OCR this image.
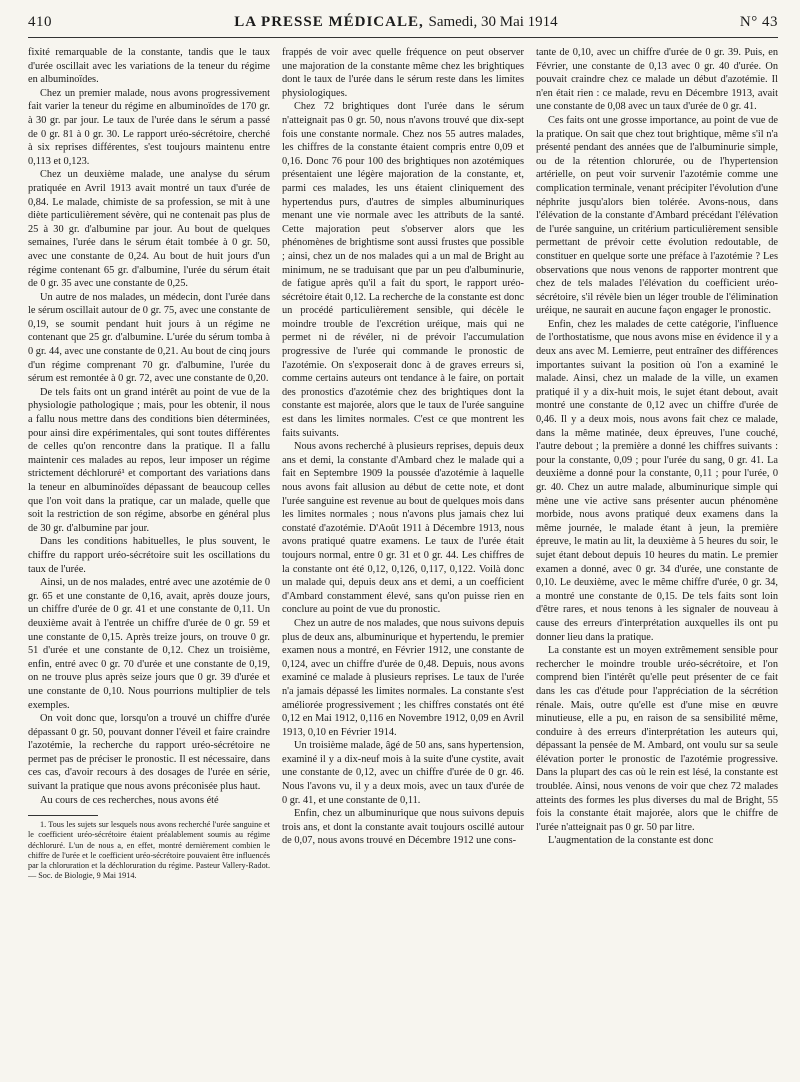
410	LA PRESSE MÉDICALE, Samedi, 30 Mai 1914	N° 43

fixité remarquable de la constante, tandis que le taux d'urée oscillait avec les variations de la teneur du régime en albuminoïdes.

Chez un premier malade, nous avons progressivement fait varier la teneur du régime en albuminoïdes de 170 gr. à 30 gr. par jour. Le taux de l'urée dans le sérum a passé de 0 gr. 81 à 0 gr. 30. Le rapport uréo-sécrétoire, cherché à six reprises différentes, s'est toujours maintenu entre 0,113 et 0,123.

Chez un deuxième malade, une analyse du sérum pratiquée en Avril 1913 avait montré un taux d'urée de 0,84. Le malade, chimiste de sa profession, se mit à une diète particulièrement sévère, qui ne contenait pas plus de 25 à 30 gr. d'albumine par jour. Au bout de quelques semaines, l'urée dans le sérum était tombée à 0 gr. 50, avec une constante de 0,24. Au bout de huit jours d'un régime contenant 65 gr. d'albumine, l'urée du sérum était de 0 gr. 35 avec une constante de 0,25.

Un autre de nos malades, un médecin, dont l'urée dans le sérum oscillait autour de 0 gr. 75, avec une constante de 0,19, se soumit pendant huit jours à un régime ne contenant que 25 gr. d'albumine. L'urée du sérum tomba à 0 gr. 44, avec une constante de 0,21. Au bout de cinq jours d'un régime comprenant 70 gr. d'albumine, l'urée du sérum est remontée à 0 gr. 72, avec une constante de 0,20.

De tels faits ont un grand intérêt au point de vue de la physiologie pathologique ; mais, pour les obtenir, il nous a fallu nous mettre dans des conditions bien déterminées, pour ainsi dire expérimentales, qui sont toutes différentes de celles qu'on rencontre dans la pratique. Il a fallu maintenir ces malades au repos, leur imposer un régime strictement déchloruré¹ et comportant des variations dans la teneur en albuminoïdes dépassant de beaucoup celles que l'on voit dans la pratique, car un malade, quelle que soit la restriction de son régime, absorbe en général plus de 30 gr. d'albumine par jour.

Dans les conditions habituelles, le plus souvent, le chiffre du rapport uréo-sécrétoire suit les oscillations du taux de l'urée.

Ainsi, un de nos malades, entré avec une azotémie de 0 gr. 65 et une constante de 0,16, avait, après douze jours, un chiffre d'urée de 0 gr. 41 et une constante de 0,11. Un deuxième avait à l'entrée un chiffre d'urée de 0 gr. 59 et une constante de 0,15. Après treize jours, on trouve 0 gr. 51 d'urée et une constante de 0,12. Chez un troisième, enfin, entré avec 0 gr. 70 d'urée et une constante de 0,19, on ne trouve plus après seize jours que 0 gr. 39 d'urée et une constante de 0,10. Nous pourrions multiplier de tels exemples.

On voit donc que, lorsqu'on a trouvé un chiffre d'urée dépassant 0 gr. 50, pouvant donner l'éveil et faire craindre l'azotémie, la recherche du rapport uréo-sécrétoire ne permet pas de préciser le pronostic. Il est nécessaire, dans ces cas, d'avoir recours à des dosages de l'urée en série, suivant la pratique que nous avons préconisée plus haut.

Au cours de ces recherches, nous avons été

1. Tous les sujets sur lesquels nous avons recherché l'urée sanguine et le coefficient uréo-sécrétoire étaient préalablement soumis au régime déchloruré. L'un de nous a, en effet, montré dernièrement combien le chiffre de l'urée et le coefficient uréo-sécrétoire pouvaient être influencés par la chloruration et la déchloruration du régime. Pasteur Vallery-Radot. — Soc. de Biologie, 9 Mai 1914.

frappés de voir avec quelle fréquence on peut observer une majoration de la constante même chez les brightiques dont le taux de l'urée dans le sérum reste dans les limites physiologiques.

Chez 72 brightiques dont l'urée dans le sérum n'atteignait pas 0 gr. 50, nous n'avons trouvé que dix-sept fois une constante normale. Chez nos 55 autres malades, les chiffres de la constante étaient compris entre 0,09 et 0,16. Donc 76 pour 100 des brightiques non azotémiques présentaient une légère majoration de la constante, et, parmi ces malades, les uns étaient cliniquement des hypertendus purs, d'autres de simples albuminuriques menant une vie normale avec les attributs de la santé. Cette majoration peut s'observer alors que les phénomènes de brightisme sont aussi frustes que possible ; ainsi, chez un de nos malades qui a un mal de Bright au minimum, ne se traduisant que par un peu d'albuminurie, de fatigue après qu'il a fait du sport, le rapport uréo-sécrétoire était 0,12. La recherche de la constante est donc un procédé particulièrement sensible, qui décèle le moindre trouble de l'excrétion uréique, mais qui ne permet ni de révéler, ni de prévoir l'accumulation progressive de l'urée qui commande le pronostic de l'azotémie. On s'exposerait donc à de graves erreurs si, comme certains auteurs ont tendance à le faire, on portait des pronostics d'azotémie chez des brightiques dont la constante est majorée, alors que le taux de l'urée sanguine est dans les limites normales. C'est ce que montrent les faits suivants.

Nous avons recherché à plusieurs reprises, depuis deux ans et demi, la constante d'Ambard chez le malade qui a fait en Septembre 1909 la poussée d'azotémie à laquelle nous avons fait allusion au début de cette note, et dont l'urée sanguine est revenue au bout de quelques mois dans les limites normales ; nous n'avons plus jamais chez lui constaté d'azotémie. D'Août 1911 à Décembre 1913, nous avons pratiqué quatre examens. Le taux de l'urée était toujours normal, entre 0 gr. 31 et 0 gr. 44. Les chiffres de la constante ont été 0,12, 0,126, 0,117, 0,122. Voilà donc un malade qui, depuis deux ans et demi, a un coefficient d'Ambard constamment élevé, sans qu'on puisse rien en conclure au point de vue du pronostic.

Chez un autre de nos malades, que nous suivons depuis plus de deux ans, albuminurique et hypertendu, le premier examen nous a montré, en Février 1912, une constante de 0,124, avec un chiffre d'urée de 0,48. Depuis, nous avons examiné ce malade à plusieurs reprises. Le taux de l'urée n'a jamais dépassé les limites normales. La constante s'est améliorée progressivement ; les chiffres constatés ont été 0,12 en Mai 1912, 0,116 en Novembre 1912, 0,09 en Avril 1913, 0,10 en Février 1914.

Un troisième malade, âgé de 50 ans, sans hypertension, examiné il y a dix-neuf mois à la suite d'une cystite, avait une constante de 0,12, avec un chiffre d'urée de 0 gr. 46. Nous l'avons vu, il y a deux mois, avec un taux d'urée de 0 gr. 41, et une constante de 0,11.

Enfin, chez un albuminurique que nous suivons depuis trois ans, et dont la constante avait toujours oscillé autour de 0,07, nous avons trouvé en Décembre 1912 une cons-

tante de 0,10, avec un chiffre d'urée de 0 gr. 39. Puis, en Février, une constante de 0,13 avec 0 gr. 40 d'urée. On pouvait craindre chez ce malade un début d'azotémie. Il n'en était rien : ce malade, revu en Décembre 1913, avait une constante de 0,08 avec un taux d'urée de 0 gr. 41.

Ces faits ont une grosse importance, au point de vue de la pratique. On sait que chez tout brightique, même s'il n'a présenté pendant des années que de l'albuminurie simple, ou de la rétention chlorurée, ou de l'hypertension artérielle, on peut voir survenir l'azotémie comme une complication terminale, venant précipiter l'évolution d'une néphrite jusqu'alors bien tolérée. Avons-nous, dans l'élévation de la constante d'Ambard précédant l'élévation de l'urée sanguine, un critérium particulièrement sensible permettant de prévoir cette évolution redoutable, de constituer en quelque sorte une préface à l'azotémie ? Les observations que nous venons de rapporter montrent que chez de tels malades l'élévation du coefficient uréo-sécrétoire, s'il révèle bien un léger trouble de l'élimination uréique, ne saurait en aucune façon engager le pronostic.

Enfin, chez les malades de cette catégorie, l'influence de l'orthostatisme, que nous avons mise en évidence il y a deux ans avec M. Lemierre, peut entraîner des différences importantes suivant la position où l'on a examiné le malade. Ainsi, chez un malade de la ville, un examen pratiqué il y a dix-huit mois, le sujet étant debout, avait montré une constante de 0,12 avec un chiffre d'urée de 0,46. Il y a deux mois, nous avons fait chez ce malade, dans la même matinée, deux épreuves, l'une couché, l'autre debout ; la première a donné les chiffres suivants : pour la constante, 0,09 ; pour l'urée du sang, 0 gr. 41. La deuxième a donné pour la constante, 0,11 ; pour l'urée, 0 gr. 40. Chez un autre malade, albuminurique simple qui mène une vie active sans présenter aucun phénomène morbide, nous avons pratiqué deux examens dans la même journée, le malade étant à jeun, la première épreuve, le matin au lit, la deuxième à 5 heures du soir, le sujet étant debout depuis 10 heures du matin. Le premier examen a donné, avec 0 gr. 34 d'urée, une constante de 0,10. Le deuxième, avec le même chiffre d'urée, 0 gr. 34, a montré une constante de 0,15. De tels faits sont loin d'être rares, et nous tenons à les signaler de nouveau à cause des erreurs d'interprétation auxquelles ils ont pu donner lieu dans la pratique.

La constante est un moyen extrêmement sensible pour rechercher le moindre trouble uréo-sécrétoire, et l'on comprend bien l'intérêt qu'elle peut présenter de ce fait dans les cas d'étude pour l'appréciation de la sécrétion rénale. Mais, outre qu'elle est d'une mise en œuvre minutieuse, elle a pu, en raison de sa sensibilité même, conduire à des erreurs d'interprétation les auteurs qui, dépassant la pensée de M. Ambard, ont voulu sur sa seule élévation porter le pronostic de l'azotémie progressive. Dans la plupart des cas où le rein est lésé, la constante est troublée. Ainsi, nous venons de voir que chez 72 malades atteints des formes les plus diverses du mal de Bright, 55 fois la constante était majorée, alors que le chiffre de l'urée n'atteignait pas 0 gr. 50 par litre.

L'augmentation de la constante est donc
